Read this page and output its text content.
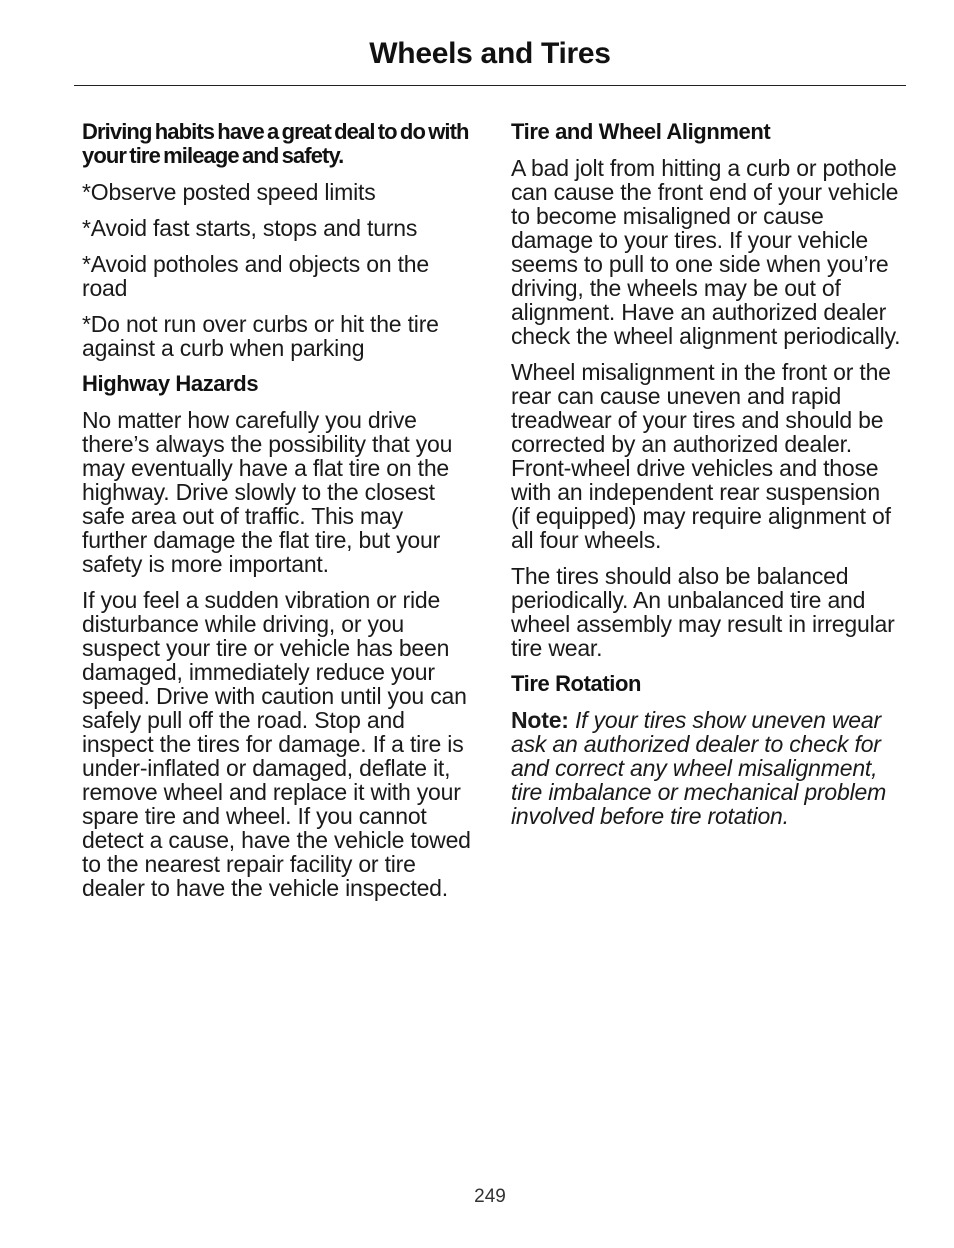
Wheels and Tires
Driving habits have a great deal to do with your tire mileage and safety.

*Observe posted speed limits

*Avoid fast starts, stops and turns

*Avoid potholes and objects on the road

*Do not run over curbs or hit the tire against a curb when parking

Highway Hazards

No matter how carefully you drive there’s always the possibility that you may eventually have a flat tire on the highway. Drive slowly to the closest safe area out of traffic. This may further damage the flat tire, but your safety is more important.

If you feel a sudden vibration or ride disturbance while driving, or you suspect your tire or vehicle has been damaged, immediately reduce your speed. Drive with caution until you can safely pull off the road. Stop and inspect the tires for damage. If a tire is under-inflated or damaged, deflate it, remove wheel and replace it with your spare tire and wheel. If you cannot detect a cause, have the vehicle towed to the nearest repair facility or tire dealer to have the vehicle inspected.

Tire and Wheel Alignment

A bad jolt from hitting a curb or pothole can cause the front end of your vehicle to become misaligned or cause damage to your tires. If your vehicle seems to pull to one side when you’re driving, the wheels may be out of alignment. Have an authorized dealer check the wheel alignment periodically.

Wheel misalignment in the front or the rear can cause uneven and rapid treadwear of your tires and should be corrected by an authorized dealer. Front-wheel drive vehicles and those with an independent rear suspension (if equipped) may require alignment of all four wheels.

The tires should also be balanced periodically. An unbalanced tire and wheel assembly may result in irregular tire wear.

Tire Rotation

Note: If your tires show uneven wear ask an authorized dealer to check for and correct any wheel misalignment, tire imbalance or mechanical problem involved before tire rotation.

249
